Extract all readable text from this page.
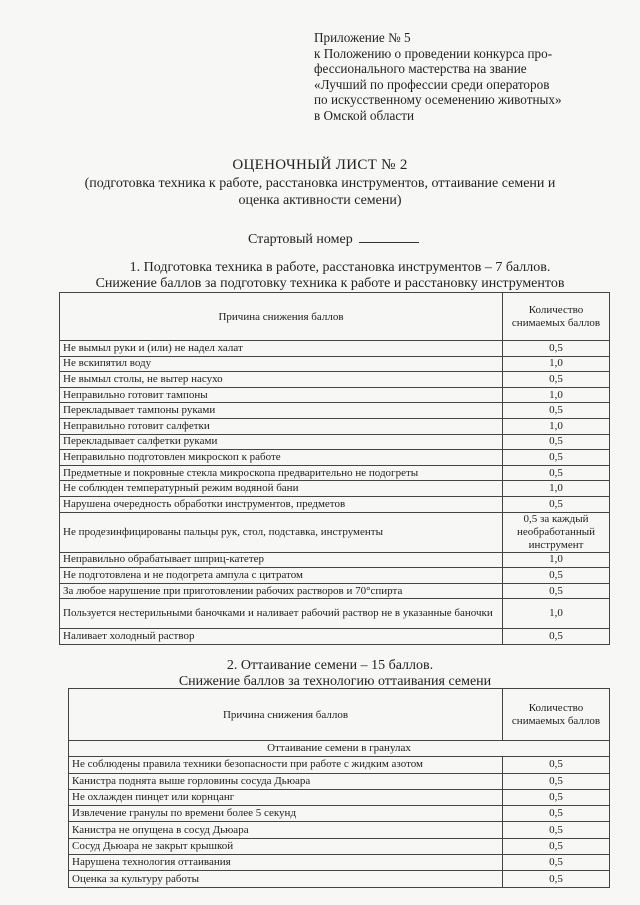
Приложение № 5
к Положению о проведении конкурса про-
фессионального мастерства на звание
«Лучший по профессии среди операторов
по искусственному осеменению животных»
в Омской области
ОЦЕНОЧНЫЙ ЛИСТ № 2
(подготовка техника к работе, расстановка инструментов, оттаивание семени и оценка активности семени)
Стартовый номер
1. Подготовка техника в работе, расстановка инструментов – 7 баллов.
Снижение баллов за подготовку техника к работе и расстановку инструментов
Причина снижения баллов	Количество снимаемых баллов
Не вымыл руки и (или) не надел халат	0,5
Не вскипятил воду	1,0
Не вымыл столы, не вытер насухо	0,5
Неправильно готовит тампоны	1,0
Перекладывает тампоны руками	0,5
Неправильно готовит салфетки	1,0
Перекладывает салфетки руками	0,5
Неправильно подготовлен микроскоп к работе	0,5
Предметные и покровные стекла микроскопа предварительно не подогреты	0,5
Не соблюден температурный режим водяной бани	1,0
Нарушена очередность обработки инструментов, предметов	0,5
Не продезинфицированы пальцы рук, стол, подставка, инструменты	0,5 за каждый необработанный инструмент
Неправильно обрабатывает шприц-катетер	1,0
Не подготовлена и не подогрета ампула с цитратом	0,5
За любое нарушение при приготовлении рабочих растворов и 70°спирта	0,5
Пользуется нестерильными баночками и наливает рабочий раствор не в указанные баночки	1,0
Наливает холодный раствор	0,5
2. Оттаивание семени – 15 баллов.
Снижение баллов за технологию оттаивания семени
Причина снижения баллов	Количество снимаемых баллов
Оттаивание семени в гранулах	
Не соблюдены правила техники безопасности при работе с жидким азотом	0,5
Канистра поднята выше горловины сосуда Дьюара	0,5
Не охлажден пинцет или корнцанг	0,5
Извлечение гранулы по времени более 5 секунд	0,5
Канистра не опущена в сосуд Дьюара	0,5
Сосуд Дьюара не закрыт крышкой	0,5
Нарушена технология оттаивания	0,5
Оценка за культуру работы	0,5
